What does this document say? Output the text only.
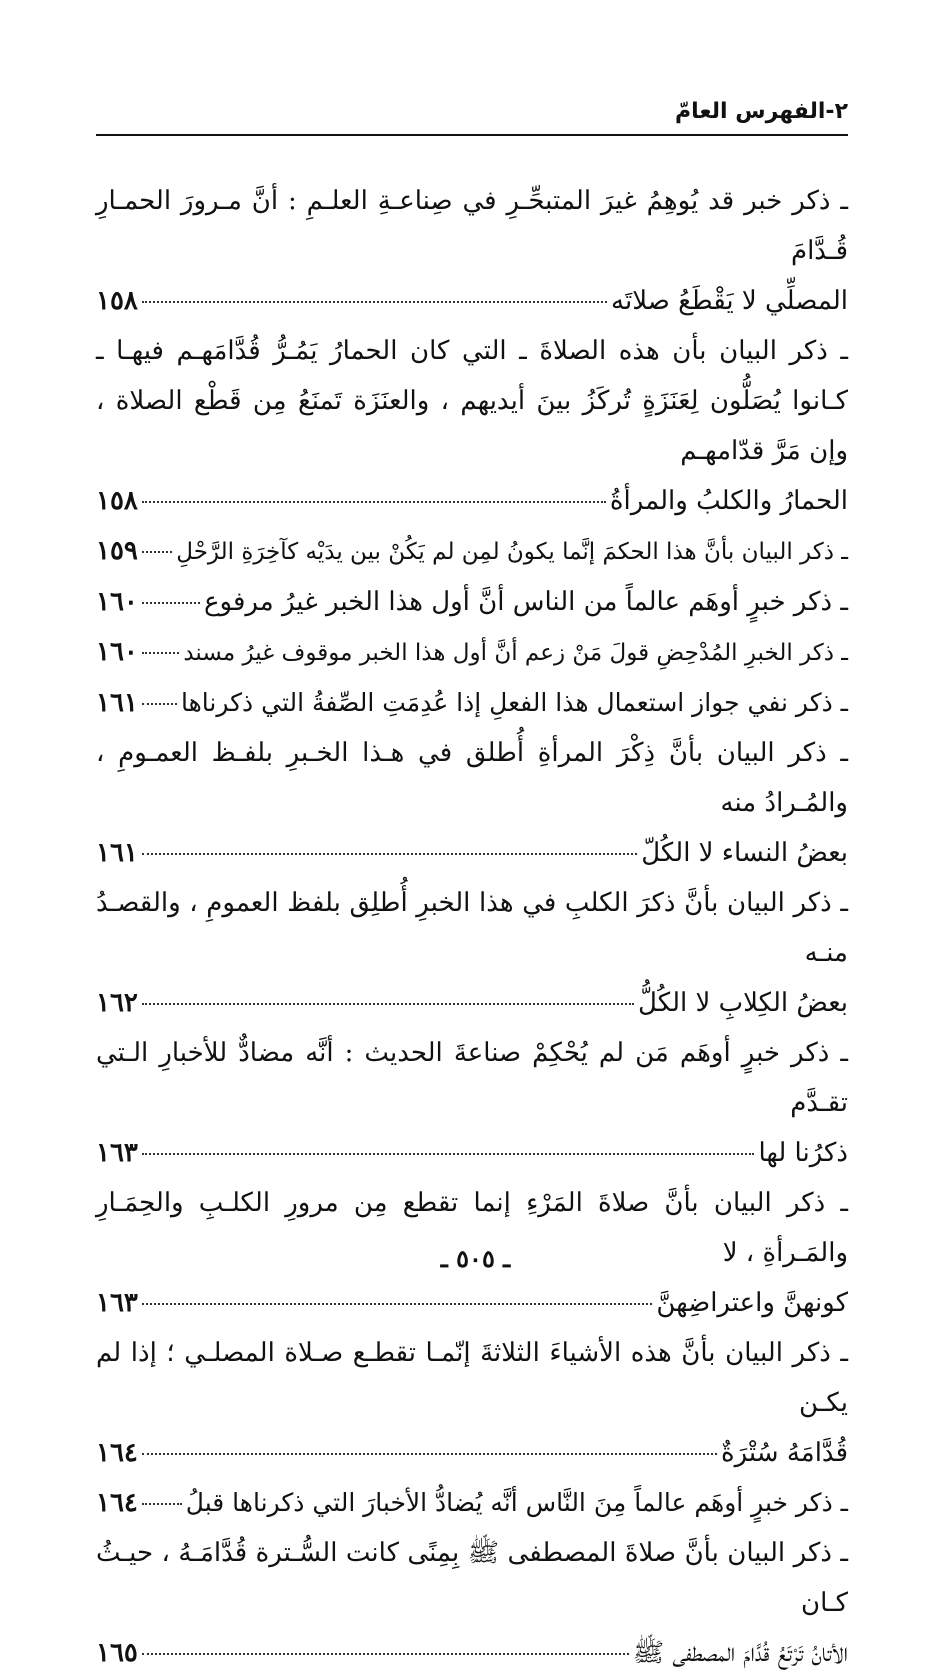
٢-الفهرس العامّ
ـ ذكر خبر قد يُوهِمُ غيرَ المتبحِّـرِ في صِناعـةِ العلـمِ : أنَّ مـرورَ الحمـارِ قُـدَّامَ
المصلِّي لا يَقْطَعُ صلاتَه
١٥٨
ـ ذكر البيان بأن هذه الصلاةَ ـ التي كان الحمارُ يَمُـرُّ قُدَّامَهـم فيهـا ـ كـانوا يُصَلُّون لِعَنَزَةٍ تُركَزُ بينَ أيديهم ، والعنَزَة تَمنَعُ مِن قَطْع الصلاة ، وإن مَرَّ قدّامهـم
الحمارُ والكلبُ والمرأةُ
١٥٨
ـ ذكر البيان بأنَّ هذا الحكمَ إنَّما يكونُ لمِن لم يَكُنْ بين يدَيْه كآخِرَةِ الرَّحْلِ
١٥٩
ـ ذكر خبرٍ أوهَم عالماً من الناس أنَّ أول هذا الخبر غيرُ مرفوع
١٦٠
ـ ذكر الخبرِ المُدْحِضِ قولَ مَنْ زعم أنَّ أول هذا الخبر موقوف غيرُ مسند
١٦٠
ـ ذكر نفي جواز استعمال هذا الفعلِ إذا عُدِمَتِ الصِّفةُ التي ذكرناها
١٦١
ـ ذكر البيان بأنَّ ذِكْرَ المرأةِ أُطلق في هـذا الخـبرِ بلفـظ العمـومِ ، والمُـرادُ منه
بعضُ النساء لا الكُلّ
١٦١
ـ ذكر البيان بأنَّ ذكرَ الكلبِ في هذا الخبرِ أُطلِق بلفظ العمومِ ، والقصـدُ منـه
بعضُ الكِلابِ لا الكُلُّ
١٦٢
ـ ذكر خبرٍ أوهَم مَن لم يُحْكِمْ صناعةَ الحديث : أنَّه مضادٌّ للأخبارِ الـتي تقـدَّم
ذكرُنا لها
١٦٣
ـ ذكر البيان بأنَّ صلاةَ المَرْءِ إنما تقطع مِن مرورِ الكلـبِ والحِمَـارِ والمَـرأةِ ، لا
كونهنَّ واعتراضِهنَّ
١٦٣
ـ ذكر البيان بأنَّ هذه الأشياءَ الثلاثةَ إنّمـا تقطـع صـلاة المصلـي ؛ إذا لم يكـن
قُدَّامَهُ سُتْرَةٌ
١٦٤
ـ ذكر خبرٍ أوهَم عالماً مِنَ النَّاس أنَّه يُضادُّ الأخبارَ التي ذكرناها قبلُ
١٦٤
ـ ذكر البيان بأنَّ صلاةَ المصطفى ﷺ بِمِنًى كانت السُّـترة قُدَّامَـهُ ، حيـثُ كـان
الأتانُ تَرْتَعُ قُدَّامَ المصطفى ﷺ
١٦٥
ـ ٥٠٥ ـ
